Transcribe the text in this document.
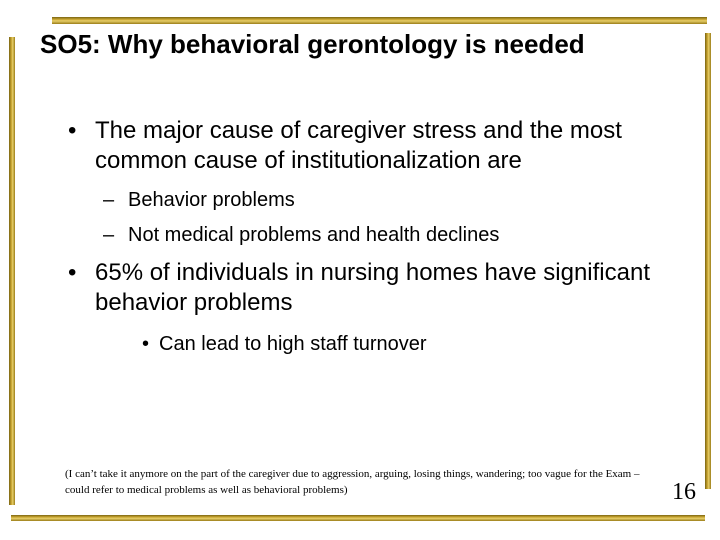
SO5: Why behavioral gerontology is needed
• The major cause of caregiver stress and the most common cause of institutionalization are
– Behavior problems
– Not medical problems and health declines
• 65% of individuals in nursing homes have significant behavior problems
• Can lead to high staff turnover
(I can’t take it anymore on the part of the caregiver due to aggression, arguing, losing things, wandering; too vague for the Exam – could refer to medical problems as well as behavioral problems)	16
